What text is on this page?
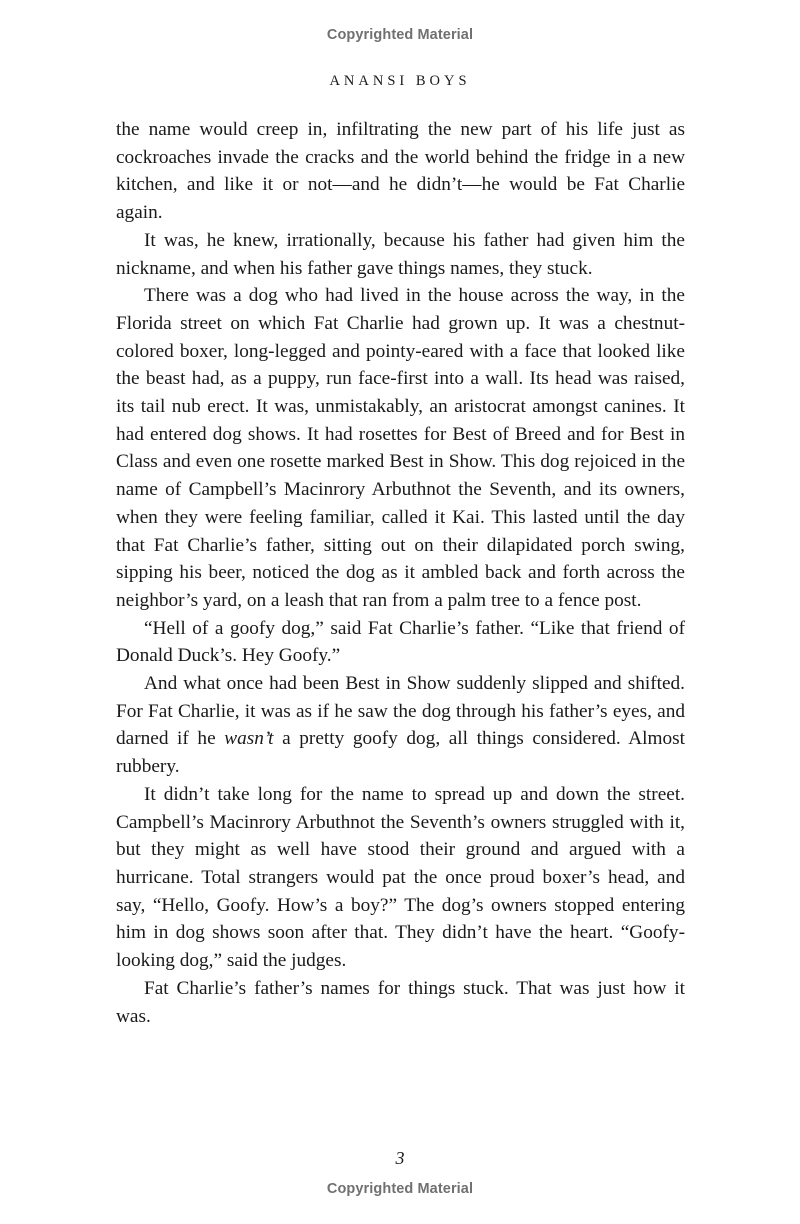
Copyrighted Material
ANANSI BOYS

the name would creep in, infiltrating the new part of his life just as cockroaches invade the cracks and the world behind the fridge in a new kitchen, and like it or not—and he didn’t—he would be Fat Charlie again.

It was, he knew, irrationally, because his father had given him the nickname, and when his father gave things names, they stuck.

There was a dog who had lived in the house across the way, in the Florida street on which Fat Charlie had grown up. It was a chestnut-colored boxer, long-legged and pointy-eared with a face that looked like the beast had, as a puppy, run face-first into a wall. Its head was raised, its tail nub erect. It was, unmistakably, an aristocrat amongst canines. It had entered dog shows. It had rosettes for Best of Breed and for Best in Class and even one rosette marked Best in Show. This dog rejoiced in the name of Campbell’s Macinrory Arbuthnot the Seventh, and its owners, when they were feeling familiar, called it Kai. This lasted until the day that Fat Charlie’s father, sitting out on their dilapidated porch swing, sipping his beer, noticed the dog as it ambled back and forth across the neighbor’s yard, on a leash that ran from a palm tree to a fence post.

“Hell of a goofy dog,” said Fat Charlie’s father. “Like that friend of Donald Duck’s. Hey Goofy.”

And what once had been Best in Show suddenly slipped and shifted. For Fat Charlie, it was as if he saw the dog through his father’s eyes, and darned if he wasn’t a pretty goofy dog, all things considered. Almost rubbery.

It didn’t take long for the name to spread up and down the street. Campbell’s Macinrory Arbuthnot the Seventh’s owners struggled with it, but they might as well have stood their ground and argued with a hurricane. Total strangers would pat the once proud boxer’s head, and say, “Hello, Goofy. How’s a boy?” The dog’s owners stopped entering him in dog shows soon after that. They didn’t have the heart. “Goofy-looking dog,” said the judges.

Fat Charlie’s father’s names for things stuck. That was just how it was.

3
Copyrighted Material
